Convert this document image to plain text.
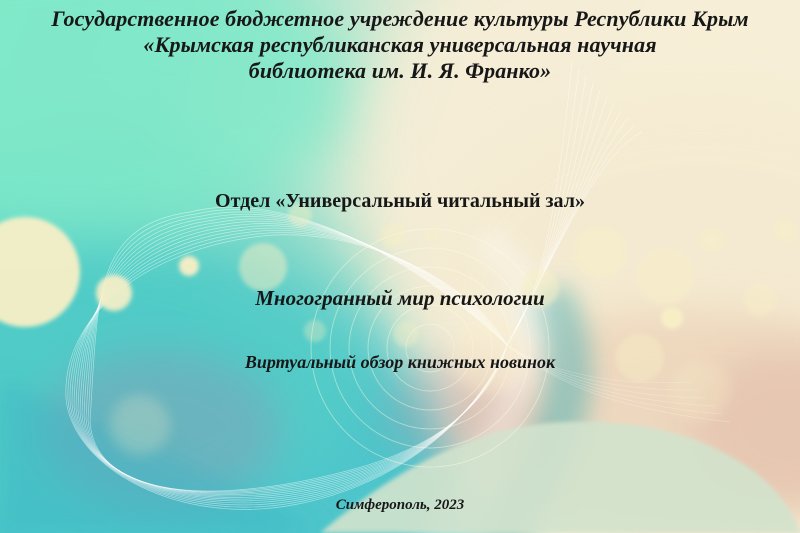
Государственное бюджетное учреждение культуры Республики Крым
«Крымская республиканская универсальная научная
библиотека им. И. Я. Франко»
Отдел «Универсальный читальный зал»
Многогранный мир психологии
Виртуальный обзор книжных новинок
Симферополь, 2023
